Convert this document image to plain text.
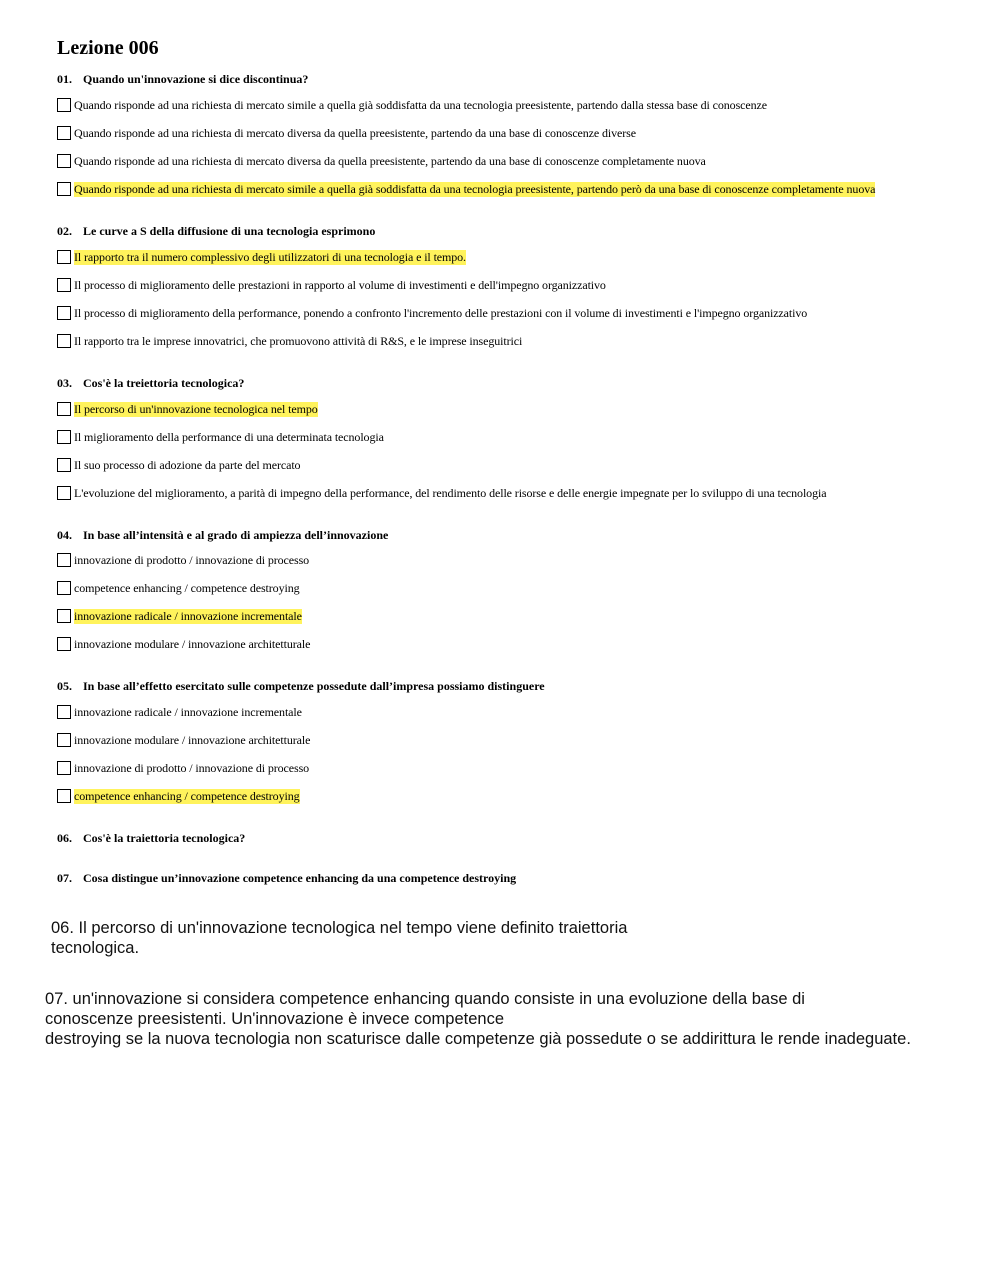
Lezione 006
01. Quando un'innovazione si dice discontinua?
Quando risponde ad una richiesta di mercato simile a quella già soddisfatta da una tecnologia preesistente, partendo dalla stessa base di conoscenze
Quando risponde ad una richiesta di mercato diversa da quella preesistente, partendo da una base di conoscenze diverse
Quando risponde ad una richiesta di mercato diversa da quella preesistente, partendo da una base di conoscenze completamente nuova
Quando risponde ad una richiesta di mercato simile a quella già soddisfatta da una tecnologia preesistente, partendo però da una base di conoscenze completamente nuova
02. Le curve a S della diffusione di una tecnologia esprimono
Il rapporto tra il numero complessivo degli utilizzatori di una tecnologia e il tempo.
Il processo di miglioramento delle prestazioni in rapporto al volume di investimenti e dell'impegno organizzativo
Il processo di miglioramento della performance, ponendo a confronto l'incremento delle prestazioni con il volume di investimenti e l'impegno organizzativo
Il rapporto tra le imprese innovatrici, che promuovono attività di R&S, e le imprese inseguitrici
03. Cos'è la treiettoria tecnologica?
Il percorso di un'innovazione tecnologica nel tempo
Il miglioramento della performance di una determinata tecnologia
Il suo processo di adozione da parte del mercato
L'evoluzione del miglioramento, a parità di impegno della performance, del rendimento delle risorse e delle energie impegnate per lo sviluppo di una tecnologia
04. In base all’intensità e al grado di ampiezza dell’innovazione
innovazione di prodotto / innovazione di processo
competence enhancing / competence destroying
innovazione radicale / innovazione incrementale
innovazione modulare / innovazione architetturale
05. In base all’effetto esercitato sulle competenze possedute dall’impresa possiamo distinguere
innovazione radicale / innovazione incrementale
innovazione modulare / innovazione architetturale
innovazione di prodotto / innovazione di processo
competence enhancing / competence destroying
06. Cos'è la traiettoria tecnologica?
07. Cosa distingue un’innovazione competence enhancing da una competence destroying
06. Il percorso di un'innovazione tecnologica nel tempo viene definito traiettoria
tecnologica.
07. un'innovazione si considera competence enhancing quando consiste in una evoluzione della base di
conoscenze preesistenti. Un'innovazione è invece competence
destroying se la nuova tecnologia non scaturisce dalle competenze già possedute o se addirittura le rende inadeguate.
